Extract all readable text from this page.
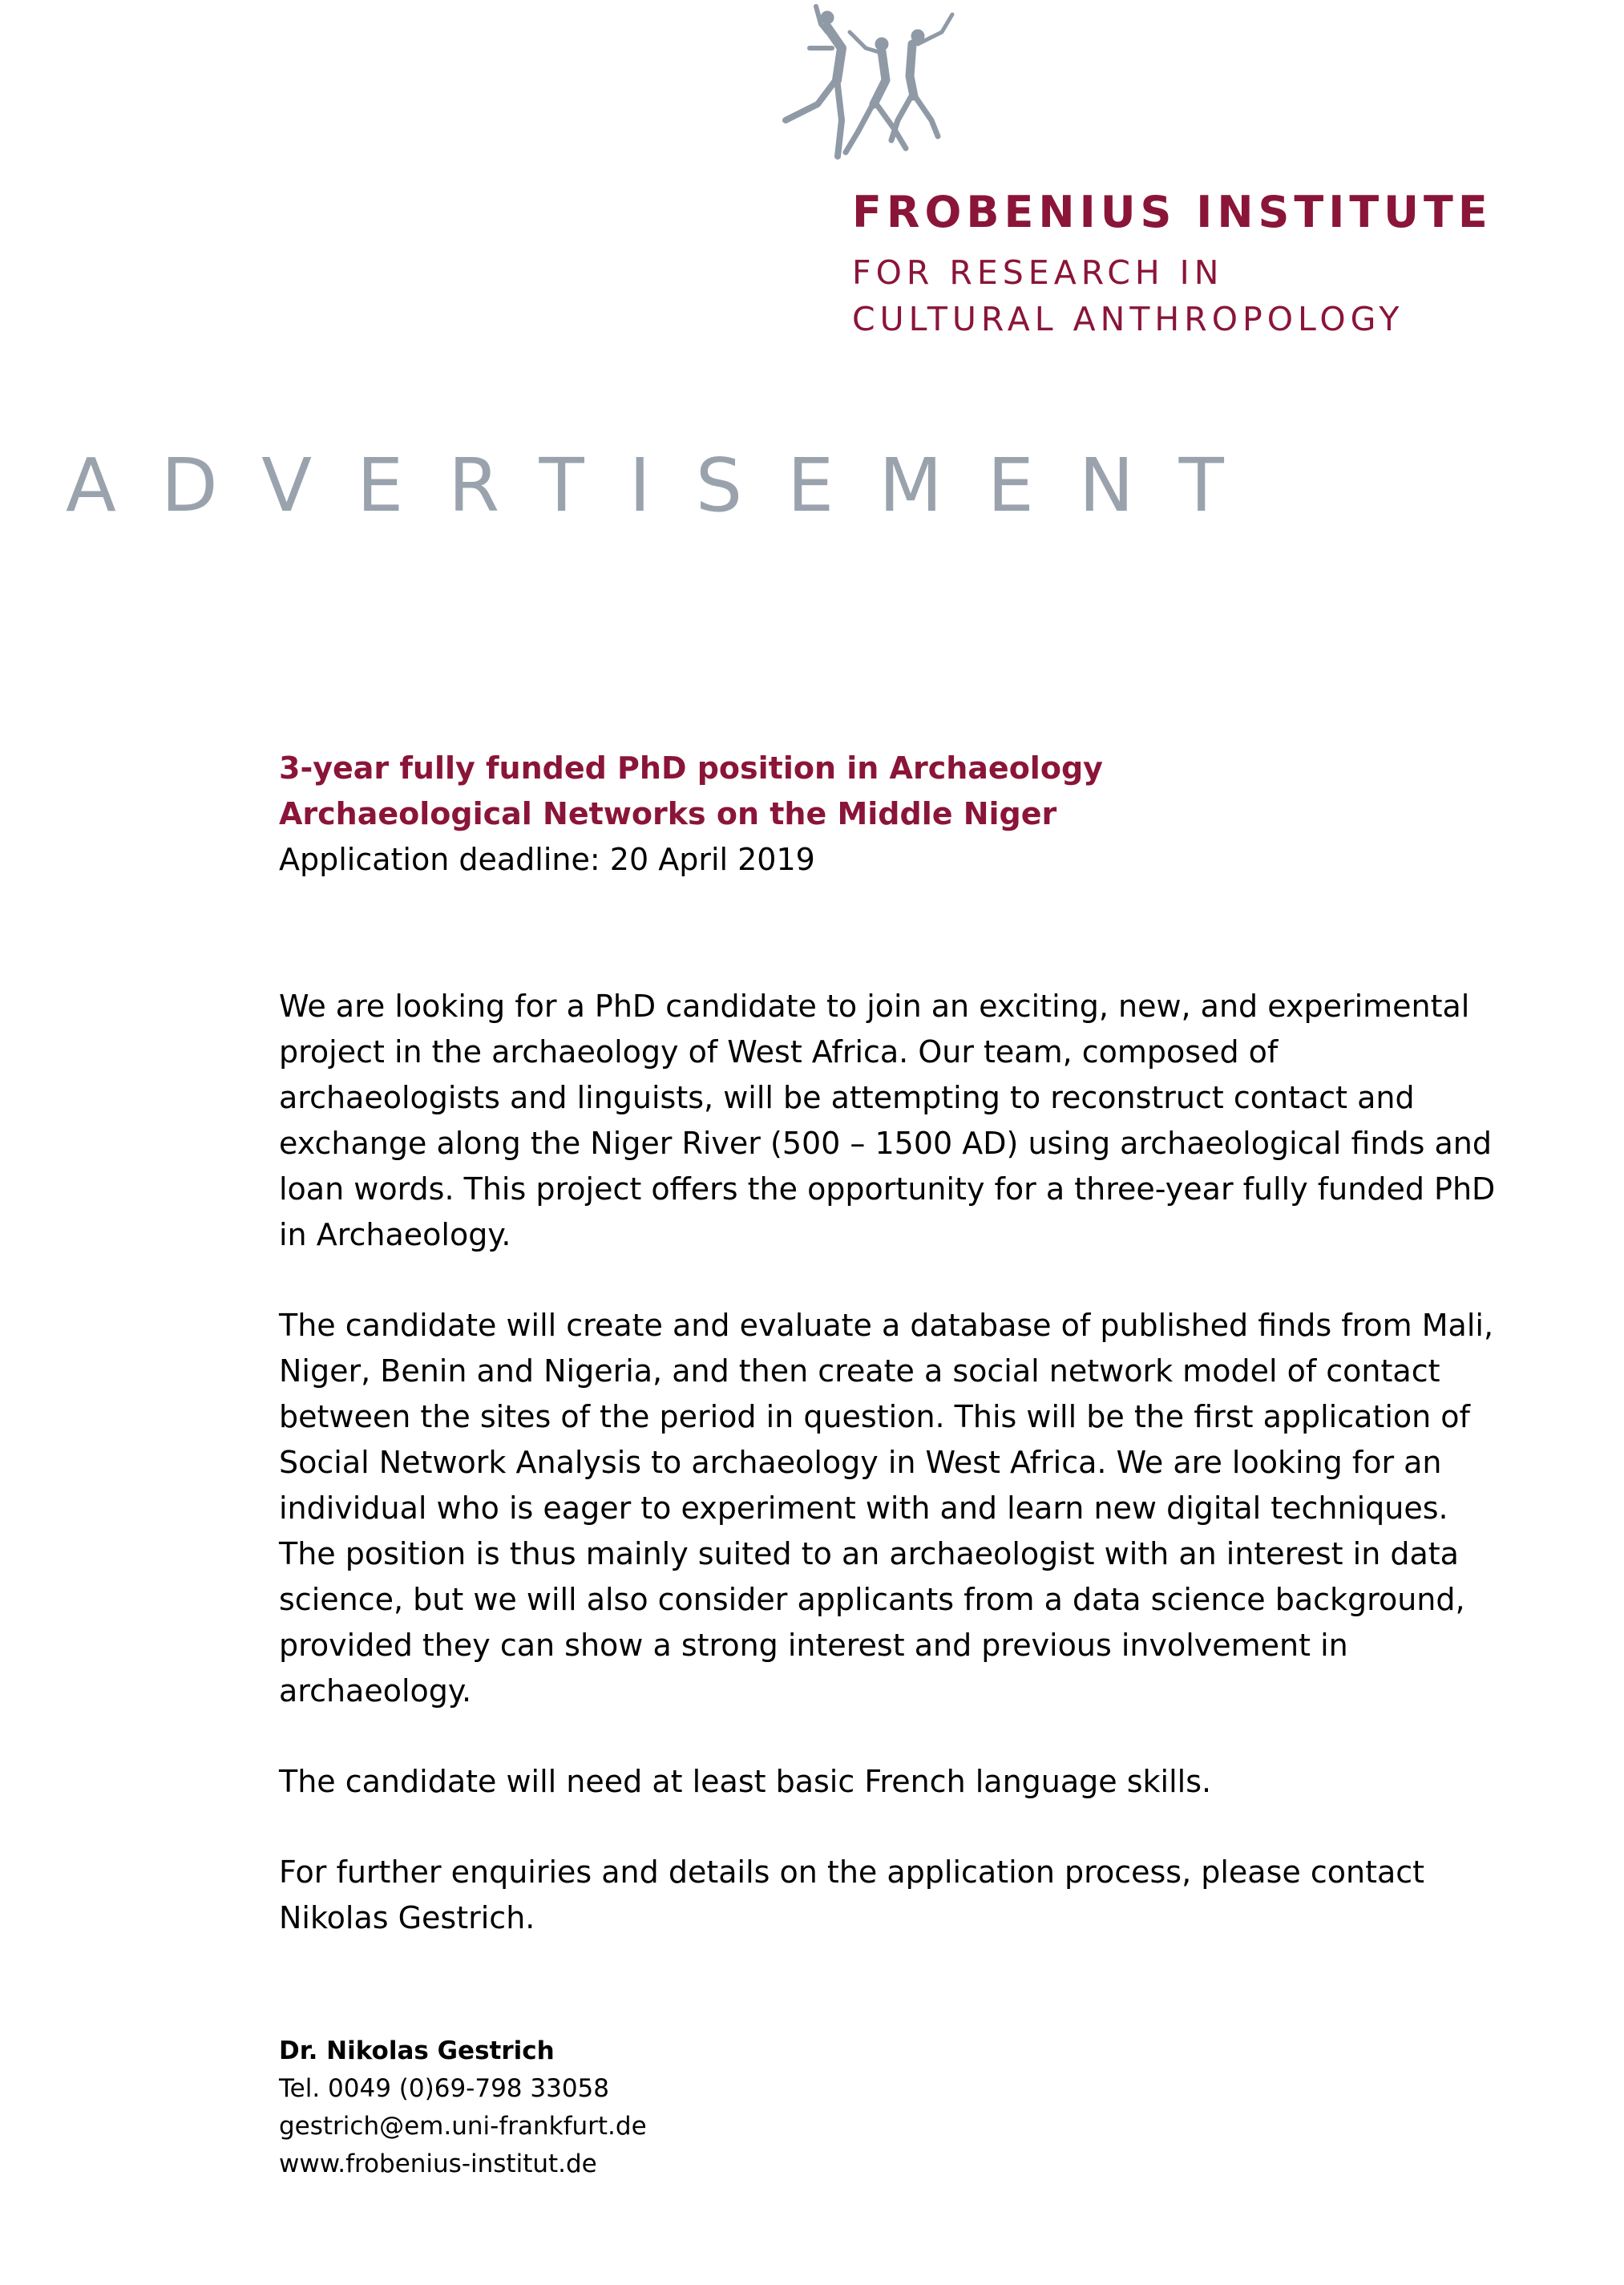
FROBENIUS INSTITUTE
FOR RESEARCH IN
CULTURAL ANTHROPOLOGY
ADVERTISEMENT

3-year fully funded PhD position in Archaeology

Archaeological Networks on the Middle Niger

Application deadline: 20 April 2019

We are looking for a PhD candidate to join an exciting, new, and experimental project in the archaeology of West Africa. Our team, composed of archaeologists and linguists, will be attempting to reconstruct contact and exchange along the Niger River (500 – 1500 AD) using archaeological finds and loan words. This project offers the opportunity for a three-year fully funded PhD in Archaeology.

The candidate will create and evaluate a database of published finds from Mali, Niger, Benin and Nigeria, and then create a social network model of contact between the sites of the period in question. This will be the first application of Social Network Analysis to archaeology in West Africa. We are looking for an individual who is eager to experiment with and learn new digital techniques. The position is thus mainly suited to an archaeologist with an interest in data science, but we will also consider applicants from a data science background, provided they can show a strong interest and previous involvement in archaeology.

The candidate will need at least basic French language skills.

For further enquiries and details on the application process, please contact Nikolas Gestrich.

Dr. Nikolas Gestrich
Tel. 0049 (0)69-798 33058
gestrich@em.uni-frankfurt.de
www.frobenius-institut.de
